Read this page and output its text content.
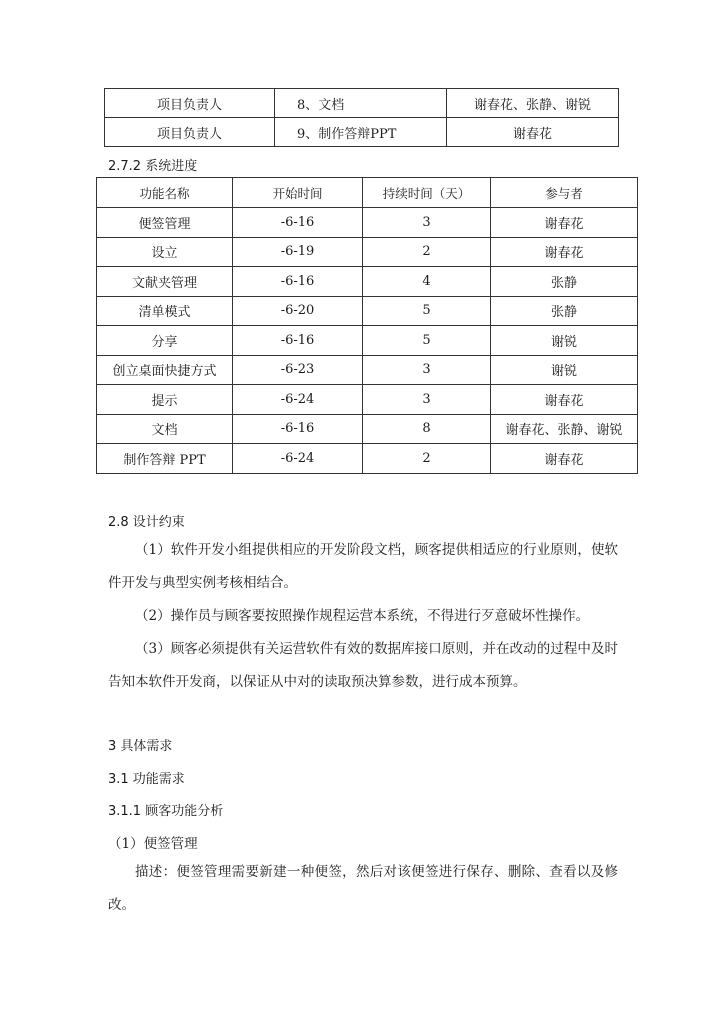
项目负责人	8、文档	谢春花、张静、谢锐
项目负责人	9、制作答辩PPT	谢春花
2.7.2 系统进度
功能名称	开始时间	持续时间（天）	参与者
便签管理	-6-16	3	谢春花
设立	-6-19	2	谢春花
文献夹管理	-6-16	4	张静
清单模式	-6-20	5	张静
分享	-6-16	5	谢锐
创立桌面快捷方式	-6-23	3	谢锐
提示	-6-24	3	谢春花
文档	-6-16	8	谢春花、张静、谢锐
制作答辩 PPT	-6-24	2	谢春花
2.8 设计约束

（1）软件开发小组提供相应的开发阶段文档，顾客提供相适应的行业原则，使软件开发与典型实例考核相结合。

（2）操作员与顾客要按照操作规程运营本系统，不得进行歹意破坏性操作。

（3）顾客必须提供有关运营软件有效的数据库接口原则，并在改动的过程中及时告知本软件开发商，以保证从中对的读取预决算参数，进行成本预算。

3 具体需求
3.1 功能需求
3.1.1 顾客功能分析
（1）便签管理

描述：便签管理需要新建一种便签，然后对该便签进行保存、删除、查看以及修改。
